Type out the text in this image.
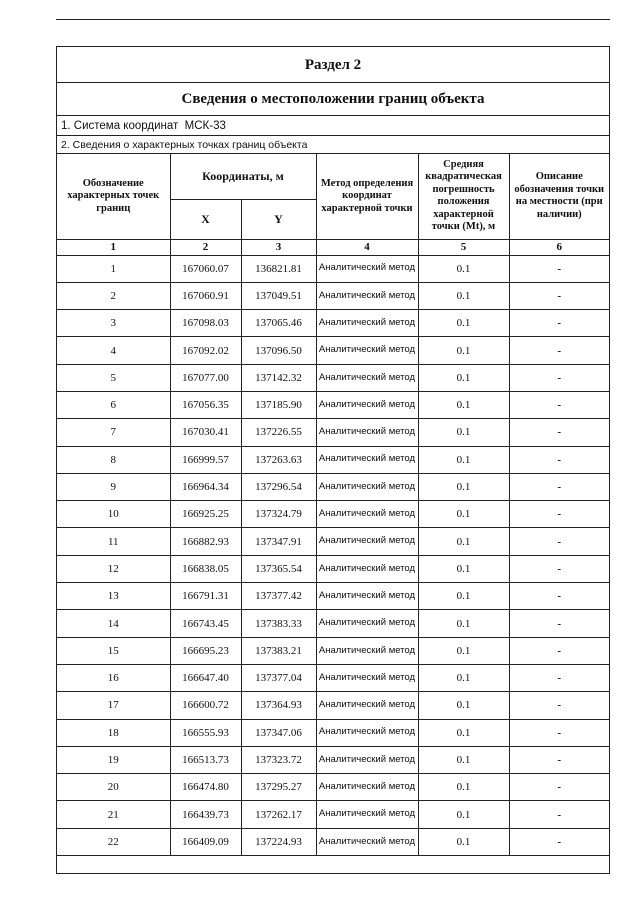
Раздел 2
Сведения о местоположении границ объекта
1. Система координат МСК-33
2. Сведения о характерных точках границ объекта
Обозначение характерных точек границ	Координаты, м		Метод определения координат характерной точки	Средняя квадратическая погрешность положения характерной точки (Mt), м	Описание обозначения точки на местности (при наличии)
	X	Y			
1	2	3	4	5	6
1	167060.07	136821.81	Аналитический метод	0.1	-
2	167060.91	137049.51	Аналитический метод	0.1	-
3	167098.03	137065.46	Аналитический метод	0.1	-
4	167092.02	137096.50	Аналитический метод	0.1	-
5	167077.00	137142.32	Аналитический метод	0.1	-
6	167056.35	137185.90	Аналитический метод	0.1	-
7	167030.41	137226.55	Аналитический метод	0.1	-
8	166999.57	137263.63	Аналитический метод	0.1	-
9	166964.34	137296.54	Аналитический метод	0.1	-
10	166925.25	137324.79	Аналитический метод	0.1	-
11	166882.93	137347.91	Аналитический метод	0.1	-
12	166838.05	137365.54	Аналитический метод	0.1	-
13	166791.31	137377.42	Аналитический метод	0.1	-
14	166743.45	137383.33	Аналитический метод	0.1	-
15	166695.23	137383.21	Аналитический метод	0.1	-
16	166647.40	137377.04	Аналитический метод	0.1	-
17	166600.72	137364.93	Аналитический метод	0.1	-
18	166555.93	137347.06	Аналитический метод	0.1	-
19	166513.73	137323.72	Аналитический метод	0.1	-
20	166474.80	137295.27	Аналитический метод	0.1	-
21	166439.73	137262.17	Аналитический метод	0.1	-
22	166409.09	137224.93	Аналитический метод	0.1	-
